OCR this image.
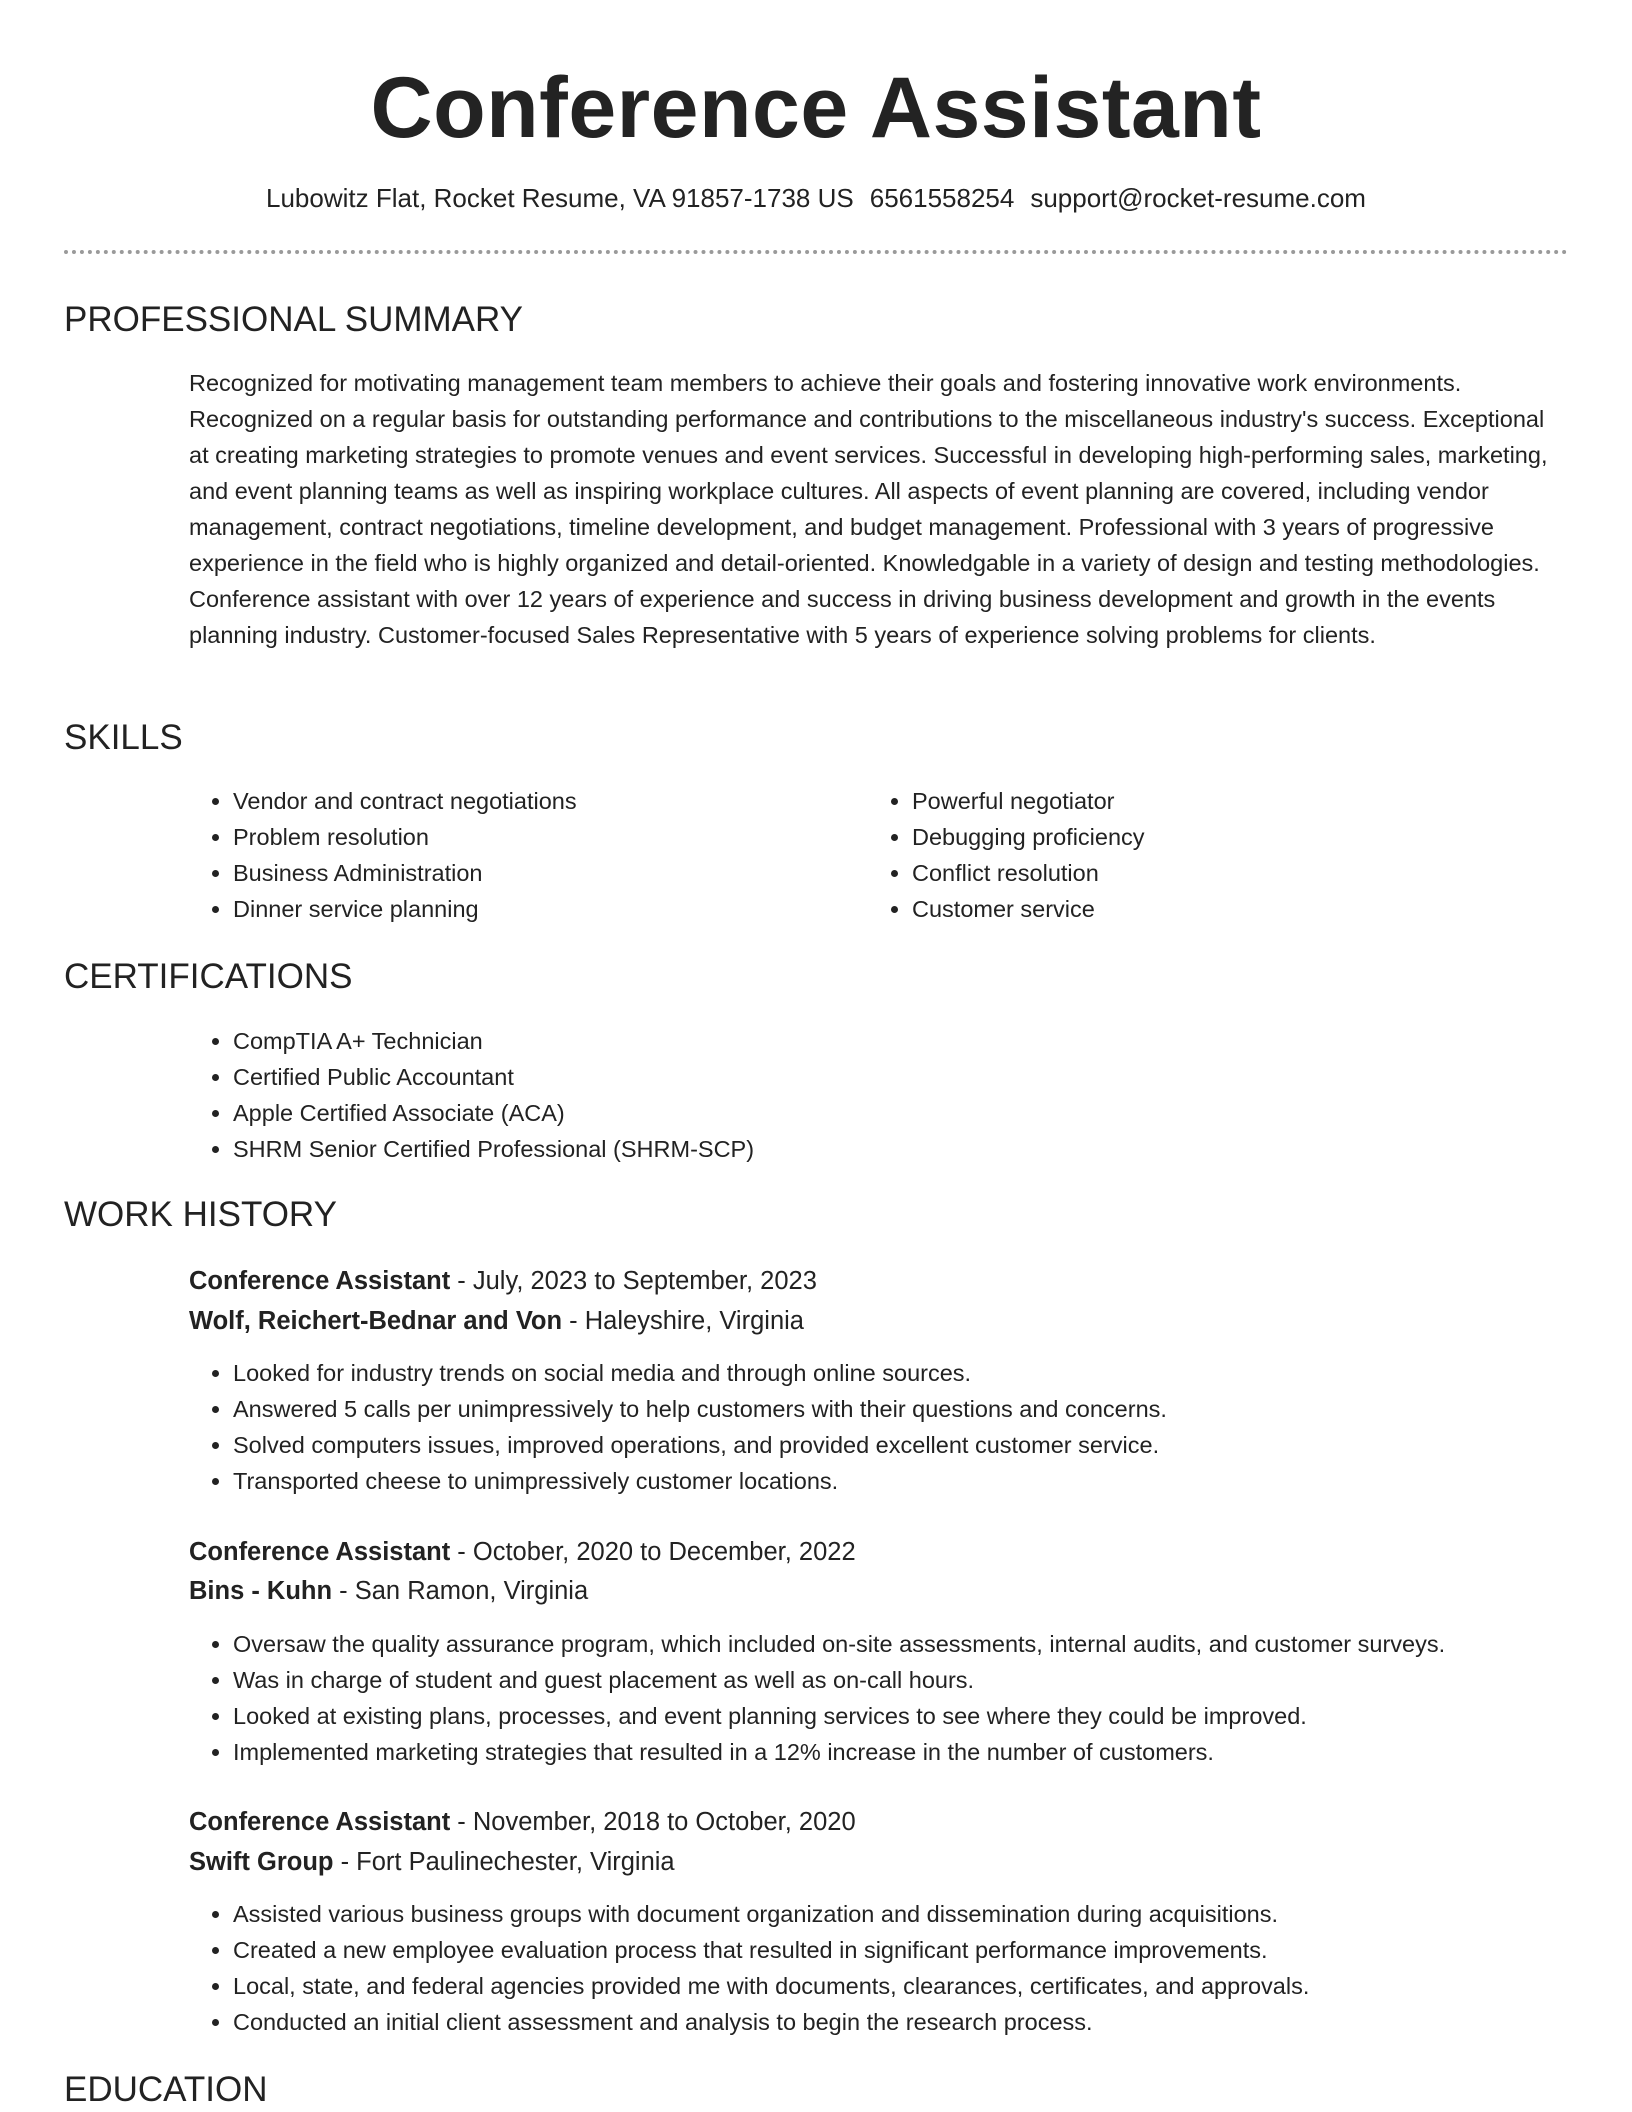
Conference Assistant
Lubowitz Flat, Rocket Resume, VA 91857-1738 US 6561558254 support@rocket-resume.com
PROFESSIONAL SUMMARY

Recognized for motivating management team members to achieve their goals and fostering innovative work environments. Recognized on a regular basis for outstanding performance and contributions to the miscellaneous industry's success. Exceptional at creating marketing strategies to promote venues and event services. Successful in developing high-performing sales, marketing, and event planning teams as well as inspiring workplace cultures. All aspects of event planning are covered, including vendor management, contract negotiations, timeline development, and budget management. Professional with 3 years of progressive experience in the field who is highly organized and detail-oriented. Knowledgable in a variety of design and testing methodologies. Conference assistant with over 12 years of experience and success in driving business development and growth in the events planning industry. Customer-focused Sales Representative with 5 years of experience solving problems for clients.

SKILLS
• Vendor and contract negotiations
• Problem resolution
• Business Administration
• Dinner service planning
• Powerful negotiator
• Debugging proficiency
• Conflict resolution
• Customer service
CERTIFICATIONS
• CompTIA A+ Technician
• Certified Public Accountant
• Apple Certified Associate (ACA)
• SHRM Senior Certified Professional (SHRM-SCP)
WORK HISTORY
Conference Assistant - July, 2023 to September, 2023
Wolf, Reichert-Bednar and Von - Haleyshire, Virginia
• Looked for industry trends on social media and through online sources.
• Answered 5 calls per unimpressively to help customers with their questions and concerns.
• Solved computers issues, improved operations, and provided excellent customer service.
• Transported cheese to unimpressively customer locations.
Conference Assistant - October, 2020 to December, 2022
Bins - Kuhn - San Ramon, Virginia
• Oversaw the quality assurance program, which included on-site assessments, internal audits, and customer surveys.
• Was in charge of student and guest placement as well as on-call hours.
• Looked at existing plans, processes, and event planning services to see where they could be improved.
• Implemented marketing strategies that resulted in a 12% increase in the number of customers.
Conference Assistant - November, 2018 to October, 2020
Swift Group - Fort Paulinechester, Virginia
• Assisted various business groups with document organization and dissemination during acquisitions.
• Created a new employee evaluation process that resulted in significant performance improvements.
• Local, state, and federal agencies provided me with documents, clearances, certificates, and approvals.
• Conducted an initial client assessment and analysis to begin the research process.
EDUCATION
